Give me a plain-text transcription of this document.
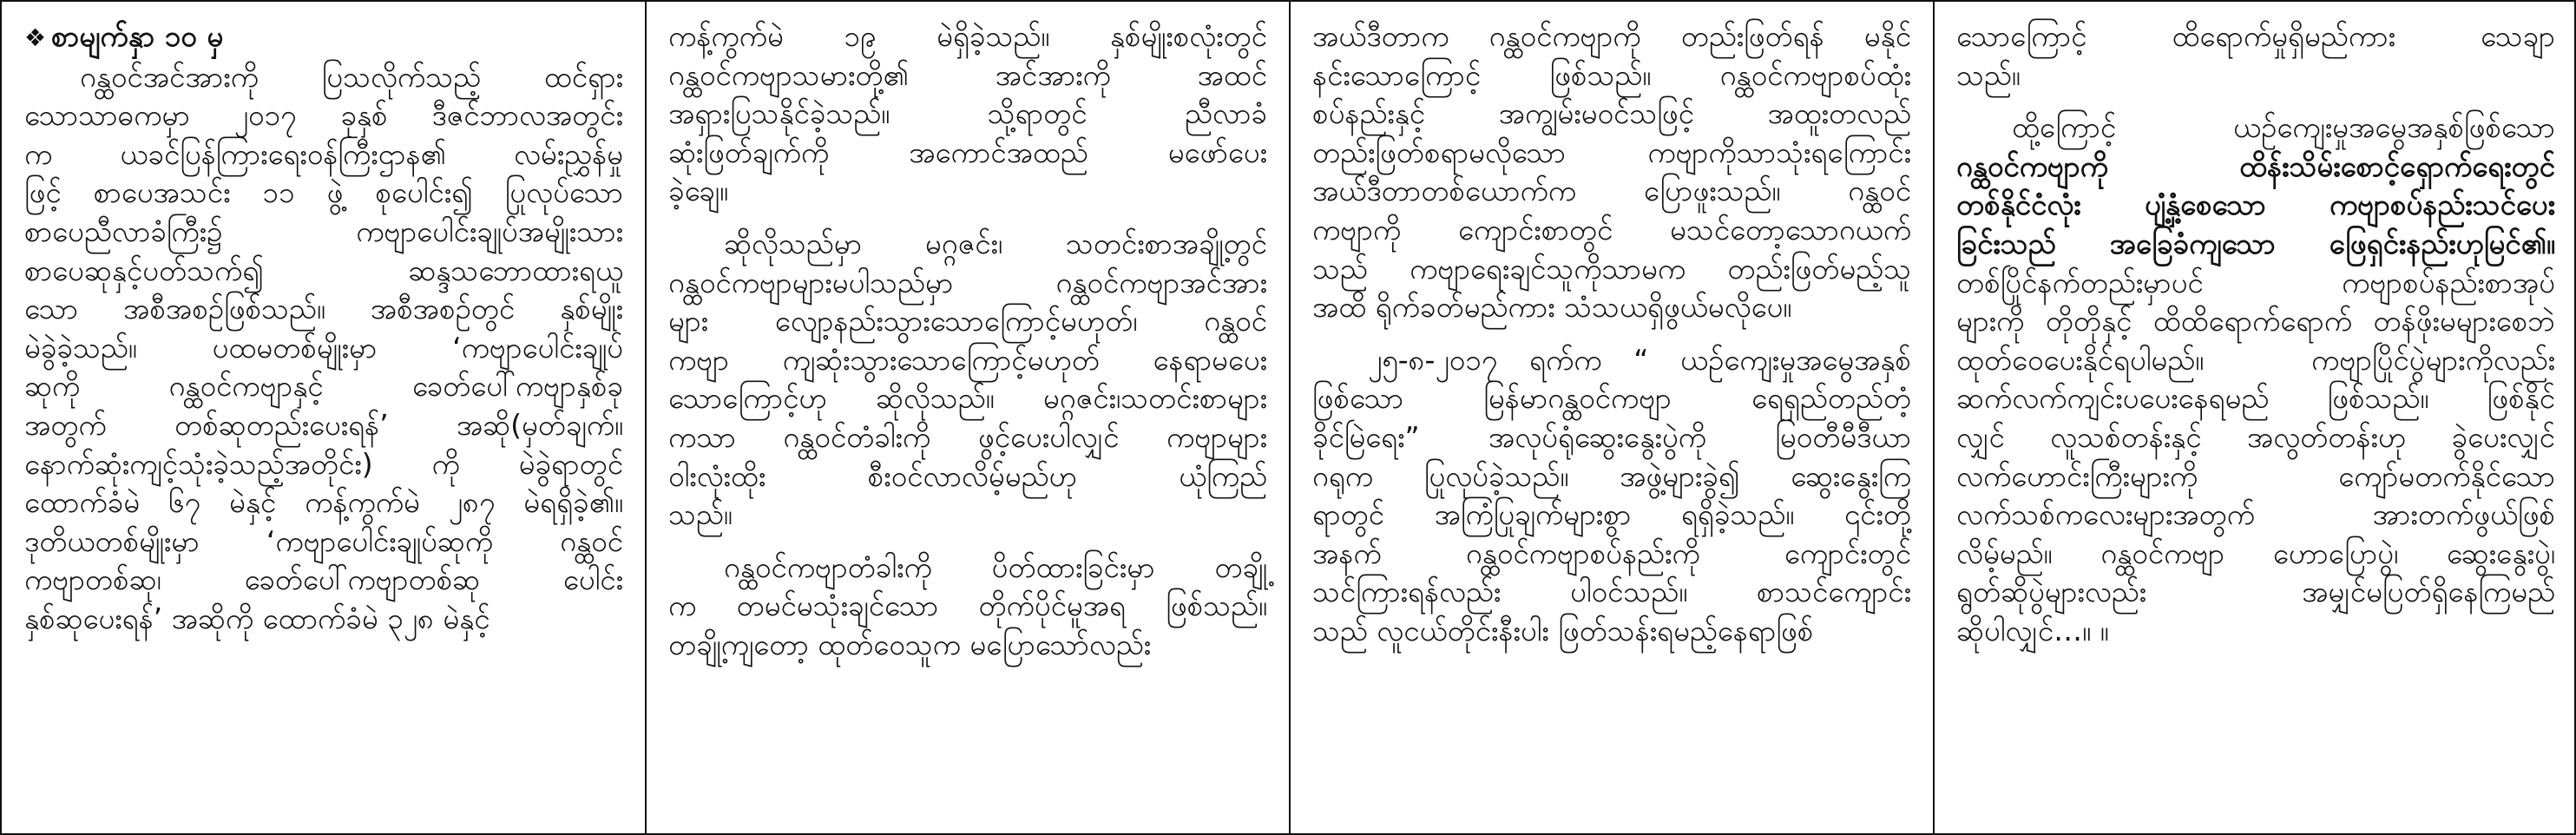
❖ စာမျက်နှာ ၁၀ မှ
ဂန္ထဝင်အင်အားကို ပြသလိုက်သည့် ထင်ရှား
သောသာဓကမှာ ၂၀၁၇ ခုနှစ် ဒီဇင်ဘာလအတွင်း
က ယခင်ပြန်ကြားရေးဝန်ကြီးဌာန၏ လမ်းညွှန်မှု
ဖြင့် စာပေအသင်း ၁၁ ဖွဲ့ စုပေါင်း၍ ပြုလုပ်သော
စာပေညီလာခံကြီး၌ ကဗျာပေါင်းချုပ်အမျိုးသား
စာပေဆုနှင့်ပတ်သက်၍ ဆန္ဒသဘောထားရယူ
သော အစီအစဉ်ဖြစ်သည်။ အစီအစဉ်တွင် နှစ်မျိုး
မဲခွဲခဲ့သည်။ ပထမတစ်မျိုးမှာ ‘ကဗျာပေါင်းချုပ်
ဆုကို ဂန္ထဝင်ကဗျာနှင့် ခေတ်ပေါ်ကဗျာနှစ်ခု
အတွက် တစ်ဆုတည်းပေးရန်’ အဆို(မှတ်ချက်။
နောက်ဆုံးကျင့်သုံးခဲ့သည့်အတိုင်း) ကို မဲခွဲရာတွင်
ထောက်ခံမဲ ၆၇ မဲနှင့် ကန့်ကွက်မဲ ၂၈၇ မဲရရှိခဲ့၏။
ဒုတိယတစ်မျိုးမှာ ‘ကဗျာပေါင်းချုပ်ဆုကို ဂန္ထဝင်
ကဗျာတစ်ဆု၊ ခေတ်ပေါ်ကဗျာတစ်ဆု ပေါင်း
နှစ်ဆုပေးရန်’ အဆိုကို ထောက်ခံမဲ ၃၂၈ မဲနှင့်
ကန့်ကွက်မဲ ၁၉ မဲရှိခဲ့သည်။ နှစ်မျိုးစလုံးတွင်
ဂန္ထဝင်ကဗျာသမားတို့၏ အင်အားကို အထင်
အရှားပြသနိုင်ခဲ့သည်။ သို့ရာတွင် ညီလာခံ
ဆုံးဖြတ်ချက်ကို အကောင်အထည် မဖော်ပေး
ခဲ့ချေ။
ဆိုလိုသည်မှာ မဂ္ဂဇင်း၊ သတင်းစာအချို့တွင်
ဂန္ထဝင်ကဗျာများမပါသည်မှာ ဂန္ထဝင်ကဗျာအင်အား
များ လျော့နည်းသွားသောကြောင့်မဟုတ်၊ ဂန္ထဝင်
ကဗျာ ကျဆုံးသွားသောကြောင့်မဟုတ် နေရာမပေး
သောကြောင့်ဟု ဆိုလိုသည်။ မဂ္ဂဇင်း၊သတင်းစာများ
ကသာ ဂန္ထဝင်တံခါးကို ဖွင့်ပေးပါလျှင် ကဗျာများ
ဝါးလုံးထိုး စီးဝင်လာလိမ့်မည်ဟု ယုံကြည်
သည်။
ဂန္ထဝင်ကဗျာတံခါးကို ပိတ်ထားခြင်းမှာ တချို့
က တမင်မသုံးချင်သော တိုက်ပိုင်မူအရ ဖြစ်သည်။
တချို့ကျတော့ ထုတ်ဝေသူက မပြောသော်လည်း
အယ်ဒီတာက ဂန္ထဝင်ကဗျာကို တည်းဖြတ်ရန် မနိုင်
နင်းသောကြောင့် ဖြစ်သည်။ ဂန္ထဝင်ကဗျာစပ်ထုံး
စပ်နည်းနှင့် အကျွမ်းမဝင်သဖြင့် အထူးတလည်
တည်းဖြတ်စရာမလိုသော ကဗျာကိုသာသုံးရကြောင်း
အယ်ဒီတာတစ်ယောက်က ပြောဖူးသည်။ ဂန္ထဝင်
ကဗျာကို ကျောင်းစာတွင် မသင်တော့သောဂယက်
သည် ကဗျာရေးချင်သူကိုသာမက တည်းဖြတ်မည့်သူ
အထိ ရိုက်ခတ်မည်ကား သံသယရှိဖွယ်မလိုပေ။
၂၅-၈-၂၀၁၇ ရက်က “ ယဉ်ကျေးမှုအမွေအနှစ်
ဖြစ်သော မြန်မာဂန္ထဝင်ကဗျာ ရေရှည်တည်တံ့
ခိုင်မြဲရေး” အလုပ်ရုံဆွေးနွေးပွဲကို မြဝတီမီဒီယာ
ဂရုက ပြုလုပ်ခဲ့သည်။ အဖွဲ့များခွဲ၍ ဆွေးနွေးကြ
ရာတွင် အကြံပြုချက်များစွာ ရရှိခဲ့သည်။ ၎င်းတို့
အနက် ဂန္ထဝင်ကဗျာစပ်နည်းကို ကျောင်းတွင်
သင်ကြားရန်လည်း ပါဝင်သည်။ စာသင်ကျောင်း
သည် လူငယ်တိုင်းနီးပါး ဖြတ်သန်းရမည့်နေရာဖြစ်
သောကြောင့် ထိရောက်မှုရှိမည်ကား သေချာ
သည်။
ထို့ကြောင့် ယဉ်ကျေးမှုအမွေအနှစ်ဖြစ်သော
ဂန္ထဝင်ကဗျာကို ထိန်းသိမ်းစောင့်ရှောက်ရေးတွင်
တစ်နိုင်ငံလုံး ပျံ့နှံ့စေသော ကဗျာစပ်နည်းသင်ပေး
ခြင်းသည် အခြေခံကျသော ဖြေရှင်းနည်းဟုမြင်၏။
တစ်ပြိုင်နက်တည်းမှာပင် ကဗျာစပ်နည်းစာအုပ်
များကို တိုတိုနှင့် ထိထိရောက်ရောက် တန်ဖိုးမများစေဘဲ
ထုတ်ဝေပေးနိုင်ရပါမည်။ ကဗျာပြိုင်ပွဲများကိုလည်း
ဆက်လက်ကျင်းပပေးနေရမည် ဖြစ်သည်။ ဖြစ်နိုင်
လျှင် လူသစ်တန်းနှင့် အလွတ်တန်းဟု ခွဲပေးလျှင်
လက်ဟောင်းကြီးများကို ကျော်မတက်နိုင်သော
လက်သစ်ကလေးများအတွက် အားတက်ဖွယ်ဖြစ်
လိမ့်မည်။ ဂန္ထဝင်ကဗျာ ဟောပြောပွဲ၊ ဆွေးနွေးပွဲ၊
ရွတ်ဆိုပွဲများလည်း အမျှင်မပြတ်ရှိနေကြမည်
ဆိုပါလျှင်…။ ။
